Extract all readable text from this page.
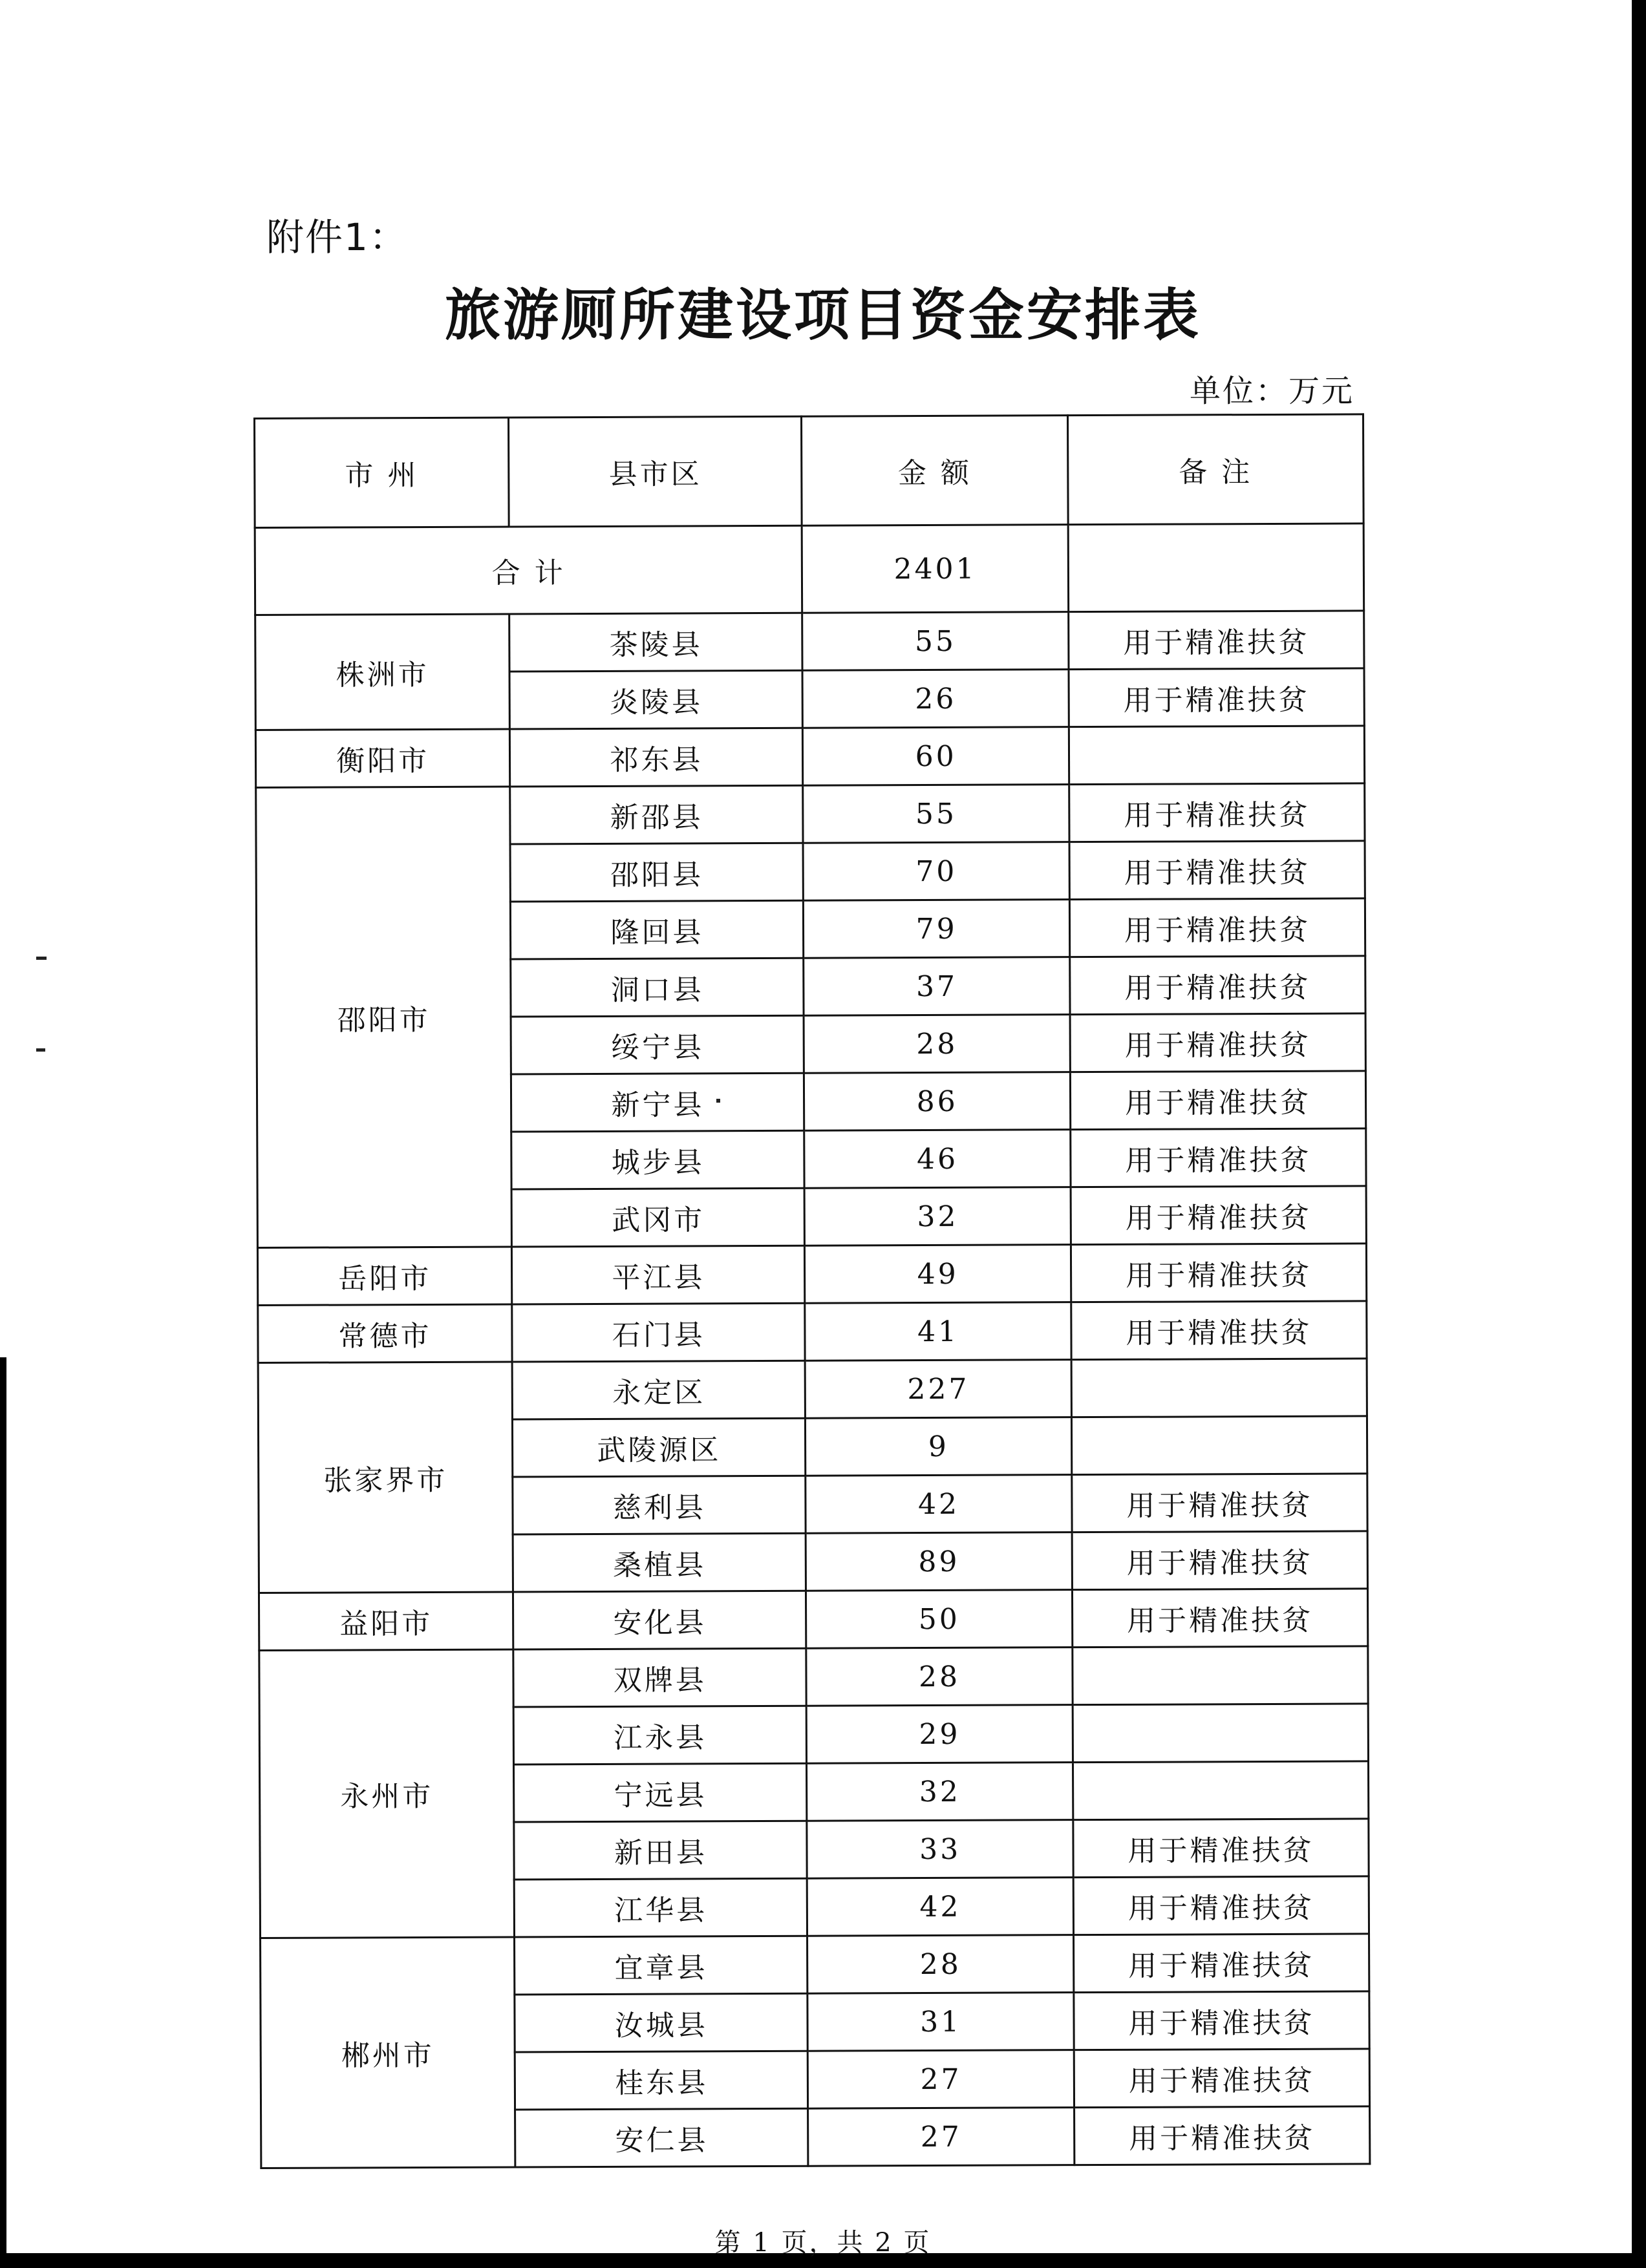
附件1：
旅游厕所建设项目资金安排表
单位：万元
市 州	县市区	金 额	备 注
合 计		2401	
株洲市	茶陵县	55	用于精准扶贫
	炎陵县	26	用于精准扶贫
衡阳市	祁东县	60	
邵阳市	新邵县	55	用于精准扶贫
	邵阳县	70	用于精准扶贫
	隆回县	79	用于精准扶贫
	洞口县	37	用于精准扶贫
	绥宁县	28	用于精准扶贫
	新宁县	86	用于精准扶贫
	城步县	46	用于精准扶贫
	武冈市	32	用于精准扶贫
岳阳市	平江县	49	用于精准扶贫
常德市	石门县	41	用于精准扶贫
张家界市	永定区	227	
	武陵源区	9	
	慈利县	42	用于精准扶贫
	桑植县	89	用于精准扶贫
益阳市	安化县	50	用于精准扶贫
永州市	双牌县	28	
	江永县	29	
	宁远县	32	
	新田县	33	用于精准扶贫
	江华县	42	用于精准扶贫
郴州市	宜章县	28	用于精准扶贫
	汝城县	31	用于精准扶贫
	桂东县	27	用于精准扶贫
	安仁县	27	用于精准扶贫
第 1 页，共 2 页
